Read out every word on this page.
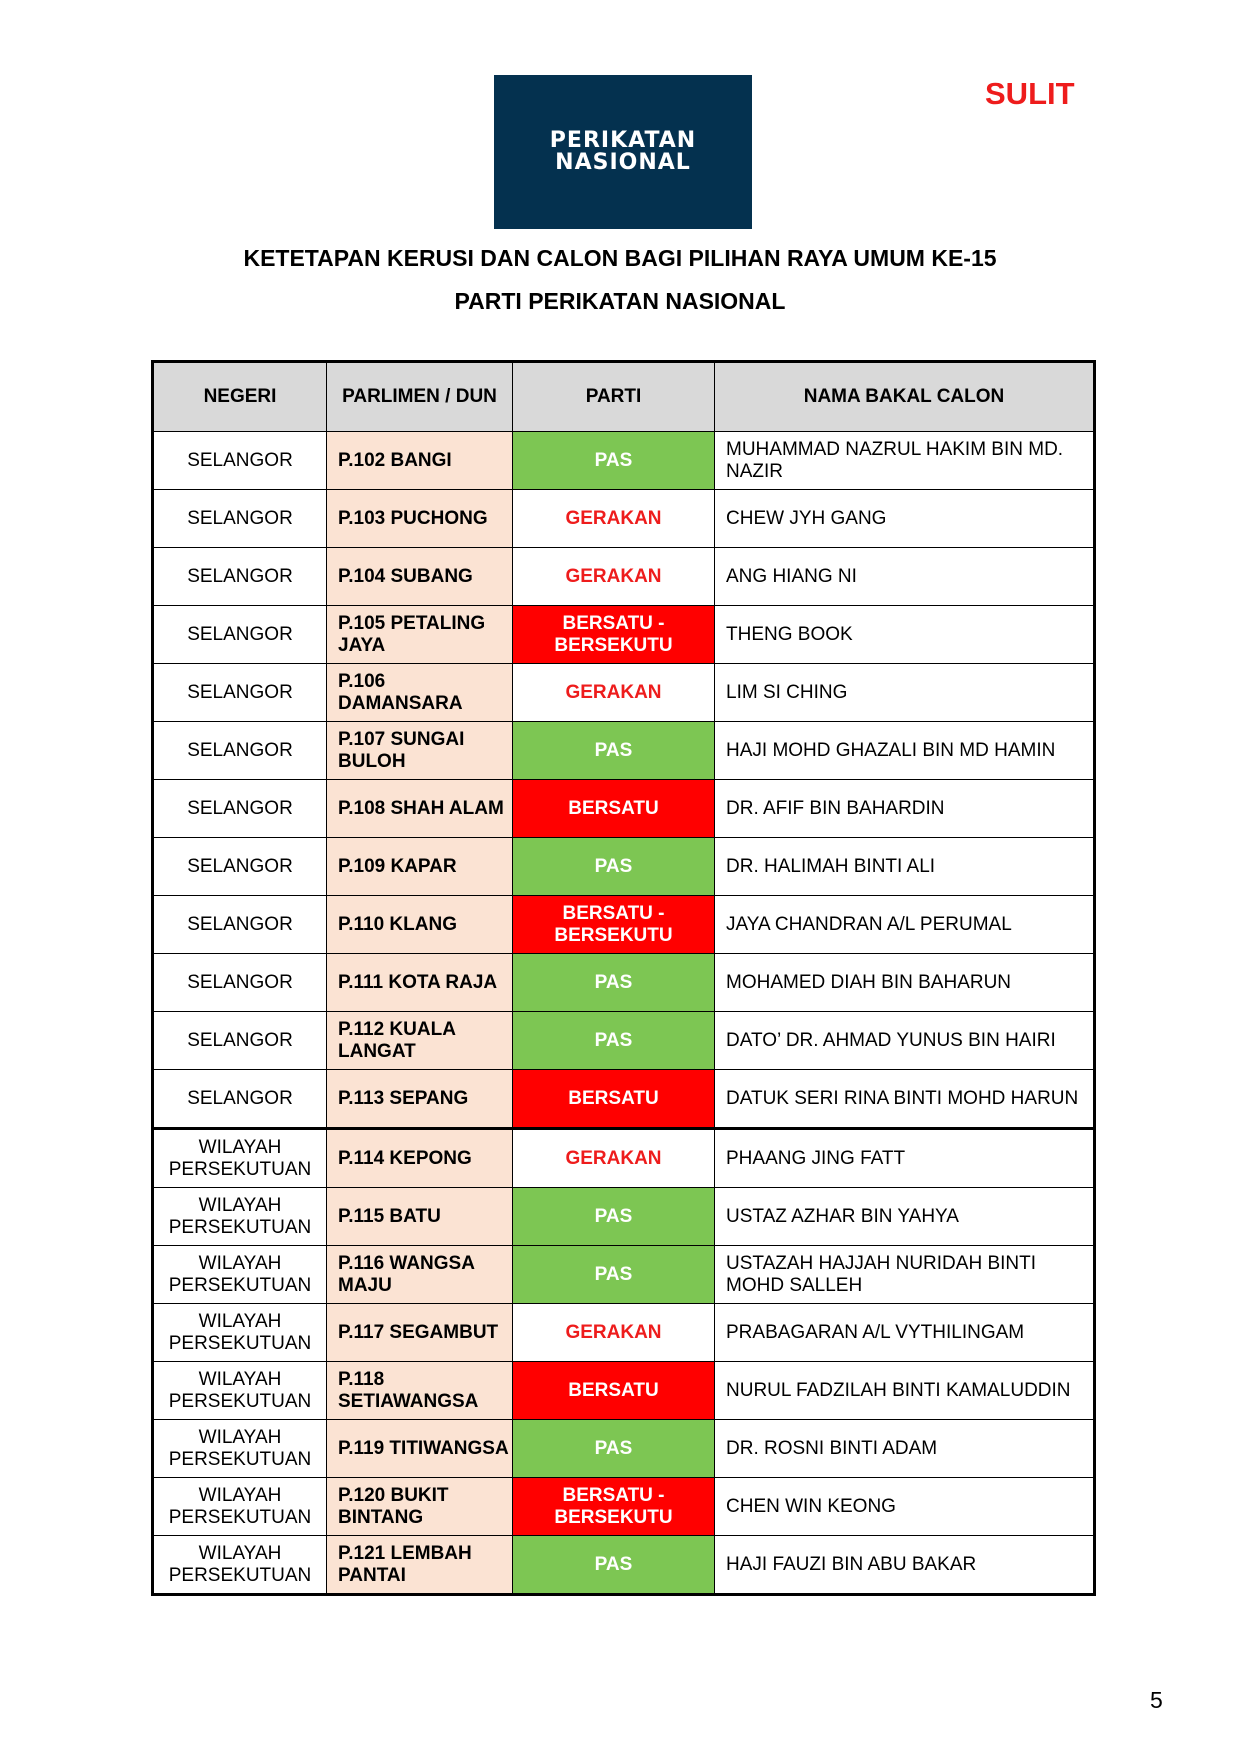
PERIKATAN
NASIONAL
SULIT
KETETAPAN KERUSI DAN CALON BAGI PILIHAN RAYA UMUM KE-15
PARTI PERIKATAN NASIONAL
NEGERI	PARLIMEN / DUN	PARTI	NAMA BAKAL CALON
SELANGOR	P.102 BANGI	PAS	MUHAMMAD NAZRUL HAKIM BIN MD. NAZIR
SELANGOR	P.103 PUCHONG	GERAKAN	CHEW JYH GANG
SELANGOR	P.104 SUBANG	GERAKAN	ANG HIANG NI
SELANGOR	P.105 PETALING JAYA	BERSATU - BERSEKUTU	THENG BOOK
SELANGOR	P.106 DAMANSARA	GERAKAN	LIM SI CHING
SELANGOR	P.107 SUNGAI BULOH	PAS	HAJI MOHD GHAZALI BIN MD HAMIN
SELANGOR	P.108 SHAH ALAM	BERSATU	DR. AFIF BIN BAHARDIN
SELANGOR	P.109 KAPAR	PAS	DR. HALIMAH BINTI ALI
SELANGOR	P.110 KLANG	BERSATU - BERSEKUTU	JAYA CHANDRAN A/L PERUMAL
SELANGOR	P.111 KOTA RAJA	PAS	MOHAMED DIAH BIN BAHARUN
SELANGOR	P.112 KUALA LANGAT	PAS	DATO’ DR. AHMAD YUNUS BIN HAIRI
SELANGOR	P.113 SEPANG	BERSATU	DATUK SERI RINA BINTI MOHD HARUN
WILAYAH PERSEKUTUAN	P.114 KEPONG	GERAKAN	PHAANG JING FATT
WILAYAH PERSEKUTUAN	P.115 BATU	PAS	USTAZ AZHAR BIN YAHYA
WILAYAH PERSEKUTUAN	P.116 WANGSA MAJU	PAS	USTAZAH HAJJAH NURIDAH BINTI MOHD SALLEH
WILAYAH PERSEKUTUAN	P.117 SEGAMBUT	GERAKAN	PRABAGARAN A/L VYTHILINGAM
WILAYAH PERSEKUTUAN	P.118 SETIAWANGSA	BERSATU	NURUL FADZILAH BINTI KAMALUDDIN
WILAYAH PERSEKUTUAN	P.119 TITIWANGSA	PAS	DR. ROSNI BINTI ADAM
WILAYAH PERSEKUTUAN	P.120 BUKIT BINTANG	BERSATU - BERSEKUTU	CHEN WIN KEONG
WILAYAH PERSEKUTUAN	P.121 LEMBAH PANTAI	PAS	HAJI FAUZI BIN ABU BAKAR
5
